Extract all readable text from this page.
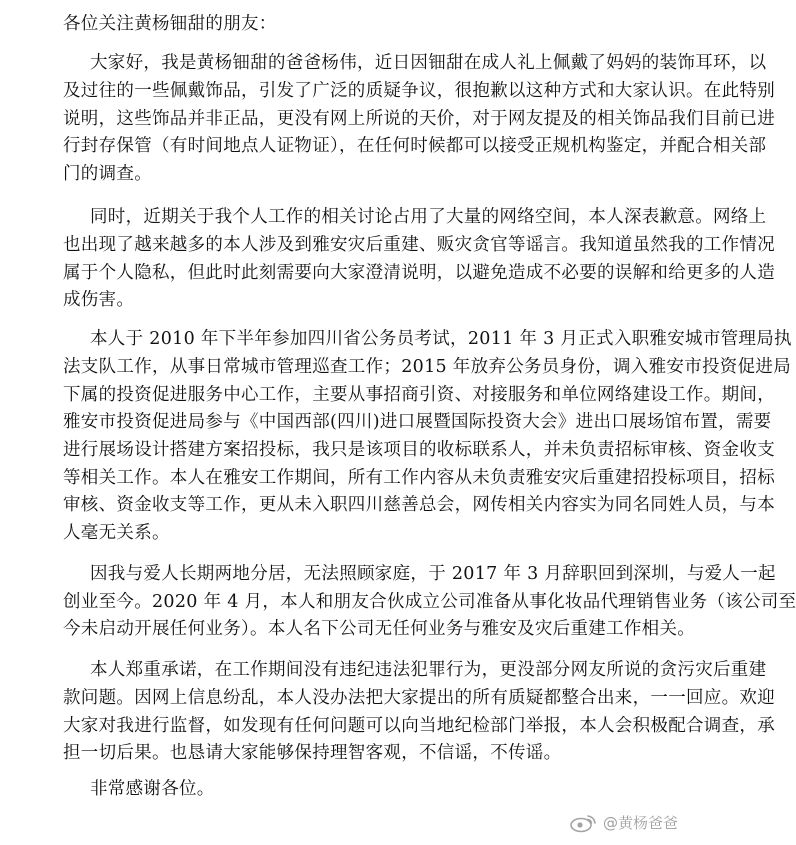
各位关注黄杨钿甜的朋友：
大家好，我是黄杨钿甜的爸爸杨伟，近日因钿甜在成人礼上佩戴了妈妈的装饰耳环，以
及过往的一些佩戴饰品，引发了广泛的质疑争议，很抱歉以这种方式和大家认识。在此特别
说明，这些饰品并非正品，更没有网上所说的天价，对于网友提及的相关饰品我们目前已进
行封存保管（有时间地点人证物证），在任何时候都可以接受正规机构鉴定，并配合相关部
门的调查。
同时，近期关于我个人工作的相关讨论占用了大量的网络空间，本人深表歉意。网络上
也出现了越来越多的本人涉及到雅安灾后重建、贩灾贪官等谣言。我知道虽然我的工作情况
属于个人隐私，但此时此刻需要向大家澄清说明，以避免造成不必要的误解和给更多的人造
成伤害。
本人于 2010 年下半年参加四川省公务员考试，2011 年 3 月正式入职雅安城市管理局执
法支队工作，从事日常城市管理巡查工作；2015 年放弃公务员身份，调入雅安市投资促进局
下属的投资促进服务中心工作，主要从事招商引资、对接服务和单位网络建设工作。期间，
雅安市投资促进局参与《中国西部(四川)进口展暨国际投资大会》进出口展场馆布置，需要
进行展场设计搭建方案招投标，我只是该项目的收标联系人，并未负责招标审核、资金收支
等相关工作。本人在雅安工作期间，所有工作内容从未负责雅安灾后重建招投标项目，招标
审核、资金收支等工作，更从未入职四川慈善总会，网传相关内容实为同名同姓人员，与本
人毫无关系。
因我与爱人长期两地分居，无法照顾家庭，于 2017 年 3 月辞职回到深圳，与爱人一起
创业至今。2020 年 4 月，本人和朋友合伙成立公司准备从事化妆品代理销售业务（该公司至
今未启动开展任何业务）。本人名下公司无任何业务与雅安及灾后重建工作相关。
本人郑重承诺，在工作期间没有违纪违法犯罪行为，更没部分网友所说的贪污灾后重建
款问题。因网上信息纷乱，本人没办法把大家提出的所有质疑都整合出来，一一回应。欢迎
大家对我进行监督，如发现有任何问题可以向当地纪检部门举报，本人会积极配合调查，承
担一切后果。也恳请大家能够保持理智客观，不信谣，不传谣。
非常感谢各位。
@黄杨爸爸
